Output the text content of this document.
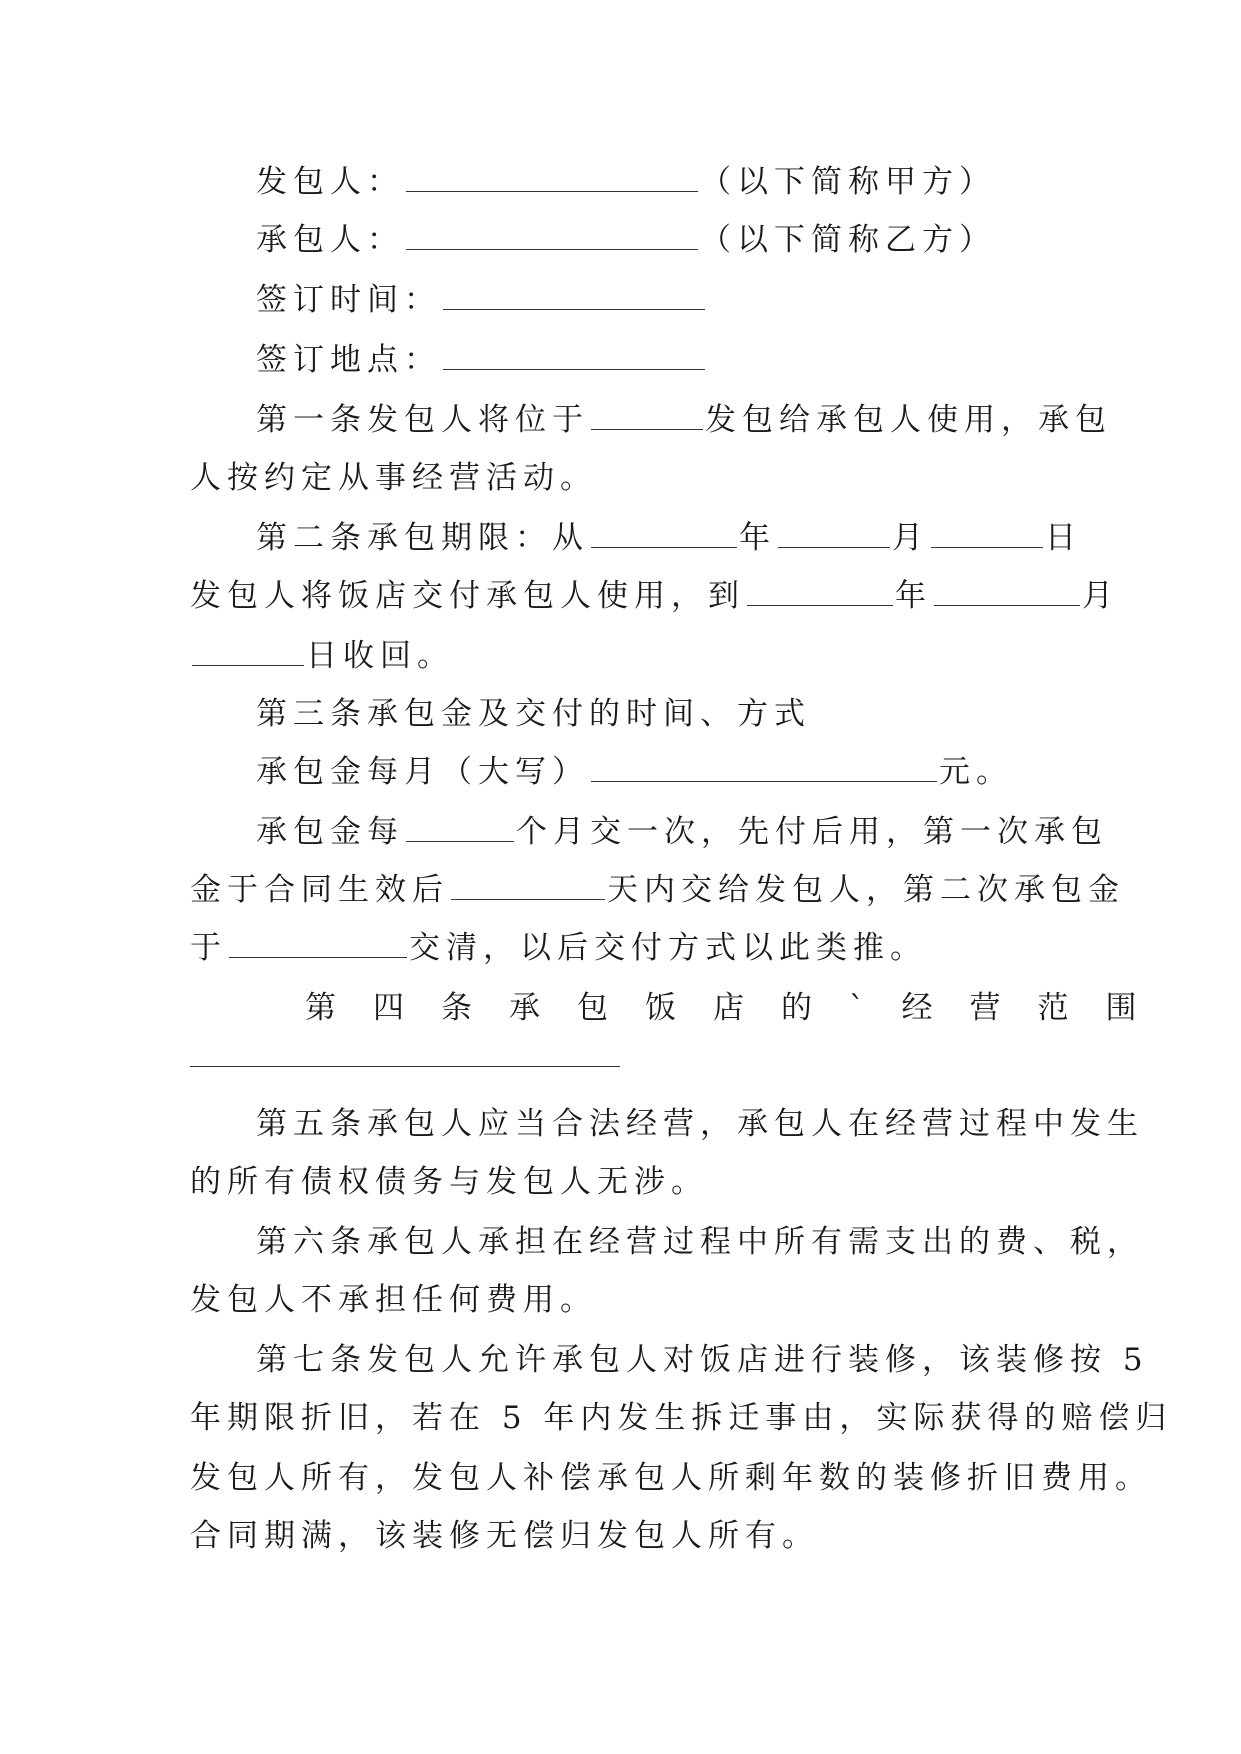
发包人：	（以下简称甲方）
承包人：	（以下简称乙方）
签订时间：
签订地点：
第一条发包人将位于	发包给承包人使用，承包
人按约定从事经营活动。
第二条承包期限：从	年	月	日
发包人将饭店交付承包人使用，到	年	月
日收回。
第三条承包金及交付的时间、方式
承包金每月（大写）	元。
承包金每	个月交一次，先付后用，第一次承包
金于合同生效后	天内交给发包人，第二次承包金
于	交清，以后交付方式以此类推。
第四条承包饭店的`经营范围
第五条承包人应当合法经营，承包人在经营过程中发生
的所有债权债务与发包人无涉。
第六条承包人承担在经营过程中所有需支出的费、税，
发包人不承担任何费用。
第七条发包人允许承包人对饭店进行装修，该装修按 5
年期限折旧，若在 5 年内发生拆迁事由，实际获得的赔偿归
发包人所有，发包人补偿承包人所剩年数的装修折旧费用。
合同期满，该装修无偿归发包人所有。
